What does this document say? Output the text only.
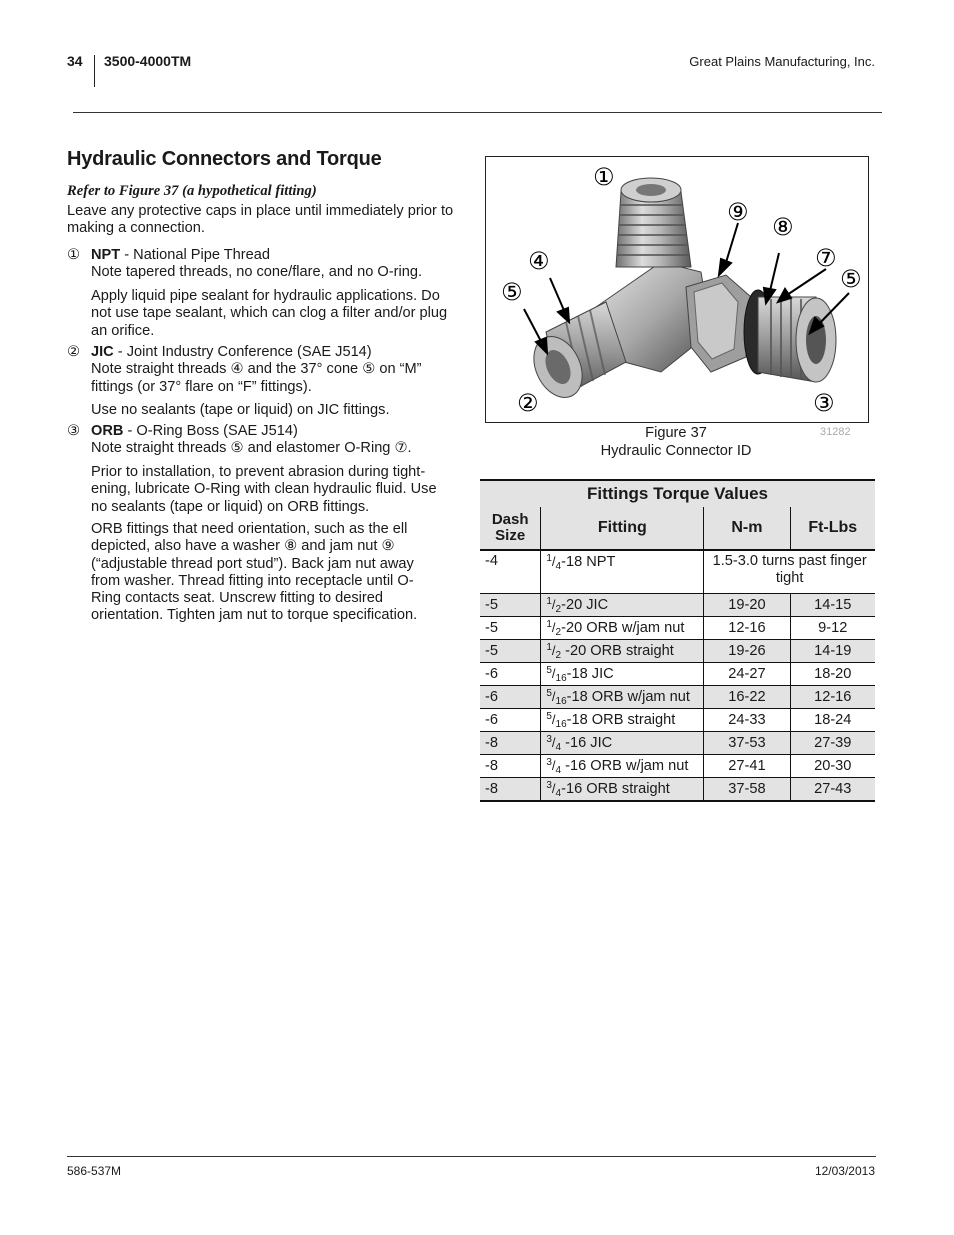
34 3500-4000TM	Great Plains Manufacturing, Inc.
Hydraulic Connectors and Torque
Refer to Figure 37 (a hypothetical fitting)
Leave any protective caps in place until immediately prior to making a connection.
① NPT - National Pipe Thread
Note tapered threads, no cone/flare, and no O-ring.
Apply liquid pipe sealant for hydraulic applications. Do not use tape sealant, which can clog a filter and/or plug an orifice.
② JIC - Joint Industry Conference (SAE J514)
Note straight threads ④ and the 37° cone ⑤ on “M” fittings (or 37° flare on “F” fittings).
Use no sealants (tape or liquid) on JIC fittings.
③ ORB - O-Ring Boss (SAE J514)
Note straight threads ⑤ and elastomer O-Ring ⑦.
Prior to installation, to prevent abrasion during tight-ening, lubricate O-Ring with clean hydraulic fluid. Use no sealants (tape or liquid) on ORB fittings.
ORB fittings that need orientation, such as the ell depicted, also have a washer ⑧ and jam nut ⑨ (“adjustable thread port stud”). Back jam nut away from washer. Thread fitting into receptacle until O-Ring contacts seat. Unscrew fitting to desired orientation. Tighten jam nut to torque specification.
①
⑨
⑧
④	⑦
⑤
⑤
②	③
Figure 37
Hydraulic Connector ID
31282
Fittings Torque Values			
Dash Size	Fitting	N-m	Ft-Lbs
-4	$^1/_4-18$ NPT	1.5-3.0 turns past finger tight	
-5	$^1/_2-20$ JIC	19-20	14-15
-5	$^1/_2-20$ ORB w/jam nut	12-16	9-12
-5	$^1/_2$ -20 ORB straight	19-26	14-19
-6	$^5/_{16}-18$ JIC	24-27	18-20
-6	$^5/_{16}-18$ ORB w/jam nut	16-22	12-16
-6	$^5/_{16}-18$ ORB straight	24-33	18-24
-8	$^3/_4$ -16 JIC	37-53	27-39
-8	$^3/_4$ -16 ORB w/jam nut	27-41	20-30
-8	$^3/_4-16$ ORB straight	37-58	27-43
586-537M	12/03/2013
